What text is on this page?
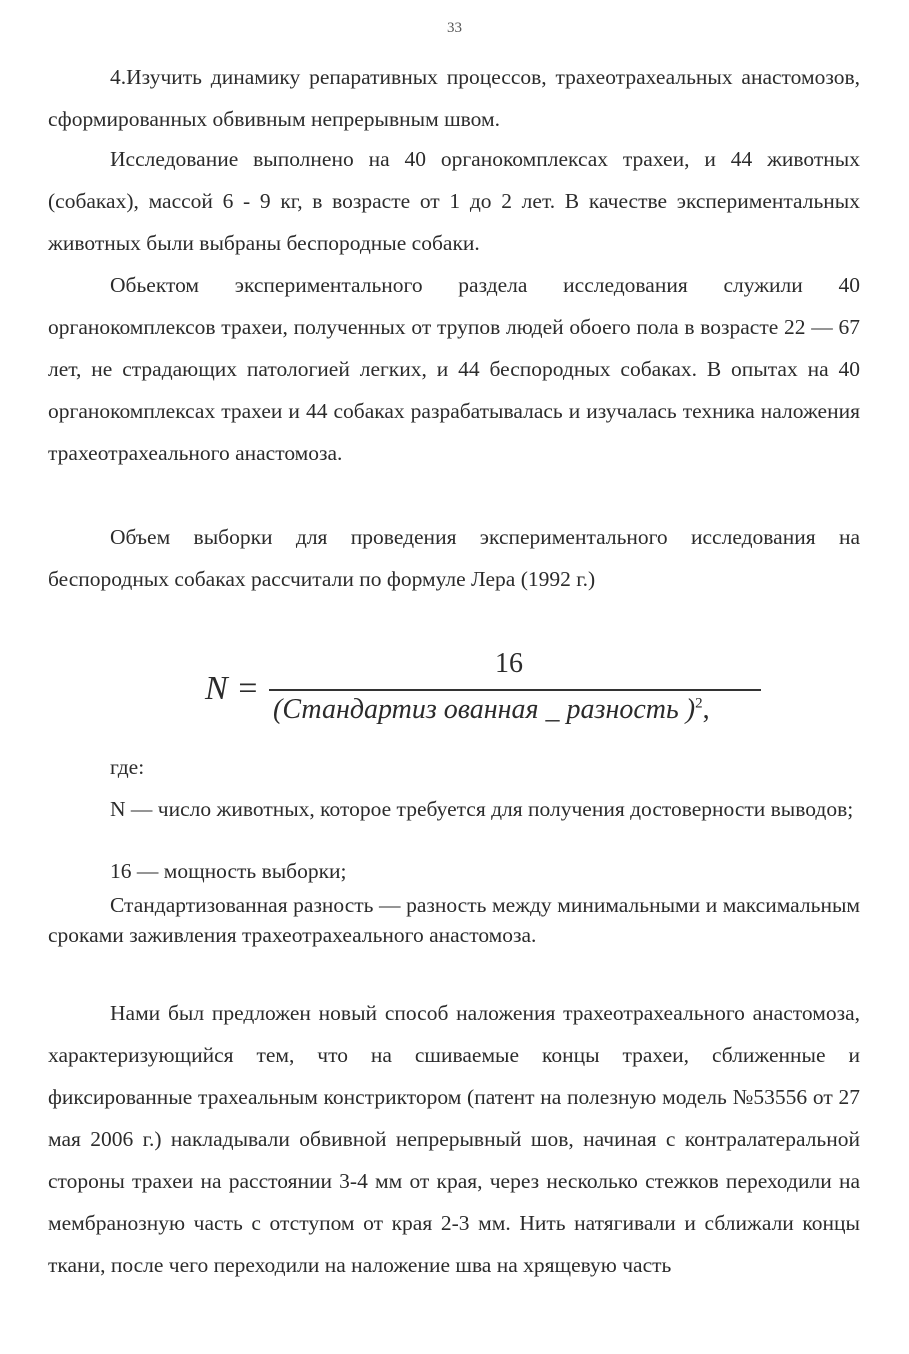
33

4.Изучить динамику репаративных процессов, трахеотрахеальных анастомозов, сформированных обвивным непрерывным швом.

Исследование выполнено на 40 органокомплексах трахеи, и 44 животных (собаках), массой 6 - 9 кг, в возрасте от 1 до 2 лет. В качестве экспериментальных животных были выбраны беспородные собаки.

Обьектом экспериментального раздела исследования служили 40 органокомплексов трахеи, полученных от трупов людей обоего пола в возрасте 22 — 67 лет, не страдающих патологией легких, и 44 беспородных собаках. В опытах на 40 органокомплексах трахеи и 44 собаках разрабатывалась и изучалась техника наложения трахеотрахеального анастомоза.

Объем выборки для проведения экспериментального исследования на беспородных собаках рассчитали по формуле Лера (1992 г.)

N =
16
(Стандартиз ованная _ разность )$^2$,

где:

N — число животных, которое требуется для получения достоверности выводов;

16 — мощность выборки;

Стандартизованная разность — разность между минимальными и максимальным сроками заживления трахеотрахеального анастомоза.

Нами был предложен новый способ наложения трахеотрахеального анастомоза, характеризующийся тем, что на сшиваемые концы трахеи, сближенные и фиксированные трахеальным констриктором (патент на полезную модель №53556 от 27 мая 2006 г.) накладывали обвивной непрерывный шов, начиная с контралатеральной стороны трахеи на расстоянии 3-4 мм от края, через несколько стежков переходили на мембранозную часть с отступом от края 2-3 мм. Нить натягивали и сближали концы ткани, после чего переходили на наложение шва на хрящевую часть
